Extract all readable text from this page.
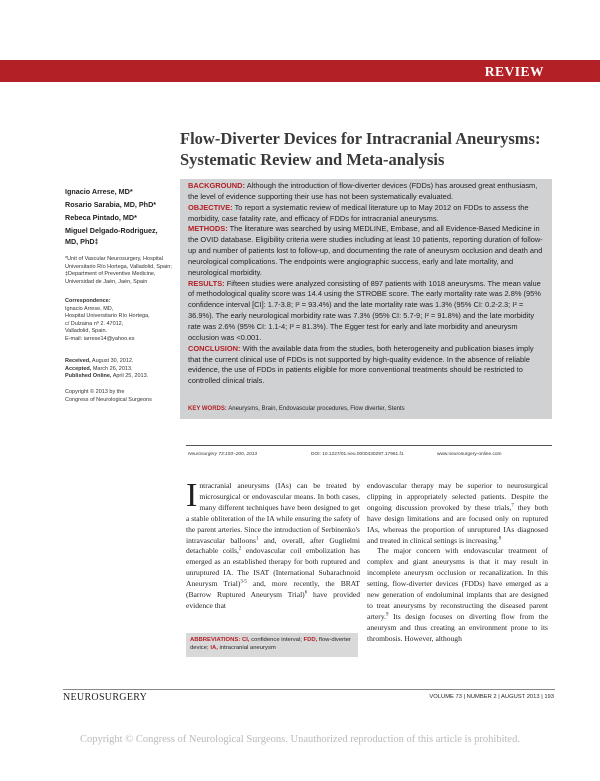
REVIEW
Flow-Diverter Devices for Intracranial Aneurysms:
Systematic Review and Meta-analysis
Ignacio Arrese, MD*
Rosario Sarabia, MD, PhD*
Rebeca Pintado, MD*
Miguel Delgado-Rodriguez,
MD, PhD‡
*Unit of Vascular Neurosurgery, Hospital Universitario Río Hortega, Valladolid, Spain; ‡Department of Preventive Medicine, Universidad de Jaén, Jaén, Spain
Correspondence:
Ignacio Arrese, MD,
Hospital Universitario Río Hortega,
c/ Dulzaina nº 2. 47012,
Valladolid, Spain.
E-mail: iarrese14@yahoo.es
Received, August 30, 2012.
Accepted, March 26, 2013.
Published Online, April 25, 2013.
Copyright © 2013 by the
Congress of Neurological Surgeons
BACKGROUND: Although the introduction of flow-diverter devices (FDDs) has aroused great enthusiasm, the level of evidence supporting their use has not been systematically evaluated.
OBJECTIVE: To report a systematic review of medical literature up to May 2012 on FDDs to assess the morbidity, case fatality rate, and efficacy of FDDs for intracranial aneurysms.
METHODS: The literature was searched by using MEDLINE, Embase, and all Evidence-Based Medicine in the OVID database. Eligibility criteria were studies including at least 10 patients, reporting duration of follow-up and number of patients lost to follow-up, and documenting the rate of aneurysm occlusion and death and neurological complications. The endpoints were angiographic success, early and late mortality, and neurological morbidity.
RESULTS: Fifteen studies were analyzed consisting of 897 patients with 1018 aneurysms. The mean value of methodological quality score was 14.4 using the STROBE score. The early mortality rate was 2.8% (95% confidence interval [CI]: 1.7-3.8; I² = 93.4%) and the late mortality rate was 1.3% (95% CI: 0.2-2.3; I² = 36.9%). The early neurological morbidity rate was 7.3% (95% CI: 5.7-9; I² = 91.8%) and the late morbidity rate was 2.6% (95% CI: 1.1-4; I² = 81.3%). The Egger test for early and late morbidity and aneurysm occlusion was <0.001.
CONCLUSION: With the available data from the studies, both heterogeneity and publication biases imply that the current clinical use of FDDs is not supported by high-quality evidence. In the absence of reliable evidence, the use of FDDs in patients eligible for more conventional treatments should be restricted to controlled clinical trials.
KEY WORDS: Aneurysms, Brain, Endovascular procedures, Flow diverter, Stents
Neurosurgery 73:193–200, 2013	DOI: 10.1227/01.neu.0000430297.17961.f1	www.neurosurgery-online.com
Intracranial aneurysms (IAs) can be treated by microsurgical or endovascular means. In both cases, many different techniques have been designed to get a stable obliteration of the IA while ensuring the safety of the parent arteries. Since the introduction of Serbinenko's intravascular balloons$^1$ and, overall, after Guglielmi detachable coils,$^2$ endovascular coil embolization has emerged as an established therapy for both ruptured and unruptured IA. The ISAT (International Subarachnoid Aneurysm Trial)$^{3-5}$ and, more recently, the BRAT (Barrow Ruptured Aneurysm Trial)$^6$ have provided evidence that
ABBREVIATIONS: CI, confidence interval; FDD, flow-diverter device; IA, intracranial aneurysm

endovascular therapy may be superior to neurosurgical clipping in appropriately selected patients. Despite the ongoing discussion provoked by these trials,$^7$ they both have design limitations and are focused only on ruptured IAs, whereas the proportion of unruptured IAs diagnosed and treated in clinical settings is increasing.$^8$

The major concern with endovascular treatment of complex and giant aneurysms is that it may result in incomplete aneurysm occlusion or recanalization. In this setting, flow-diverter devices (FDDs) have emerged as a new generation of endoluminal implants that are designed to treat aneurysms by reconstructing the diseased parent artery.$^9$ Its design focuses on diverting flow from the aneurysm and thus creating an environment prone to its thrombosis. However, although

NEUROSURGERY	VOLUME 73 | NUMBER 2 | AUGUST 2013 | 193
Copyright © Congress of Neurological Surgeons. Unauthorized reproduction of this article is prohibited.
